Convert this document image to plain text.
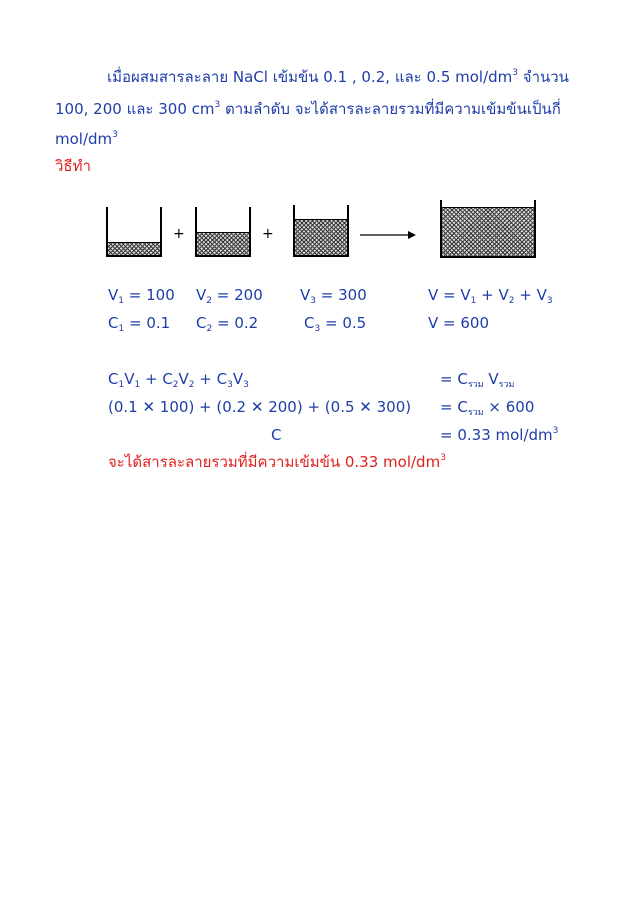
เมื่อผสมสารละลาย NaCl เข้มข้น 0.1 , 0.2, และ 0.5 mol/$dm^3$ จำนวน
100, 200 และ 300 $cm^3$ ตามลำดับ จะได้สารละลายรวมที่มีความเข้มข้นเป็นกี่
mol/$dm^3$
วิธีทำ
+	+
$V_1 = 100$ $V_2 = 200$ $V_3 = 300$	$V = V_1 + V_2 + V_3$
$C_1 = 0.1$ $C_2 = 0.2$	$C_3 = 0.5$	V = 600
$C_1V_1 + C_2V_2 + C_3V_3$	= $C_{รวม}$ $V_{รวม}$
(0.1 ✕ 100) + (0.2 ✕ 200) + (0.5 ✕ $300) = C_{รวม} \times 600$
C	= 0.33 mol/$dm^3$
จะได้สารละลายรวมที่มีความเข้มข้น 0.33 mol/$dm^3$
